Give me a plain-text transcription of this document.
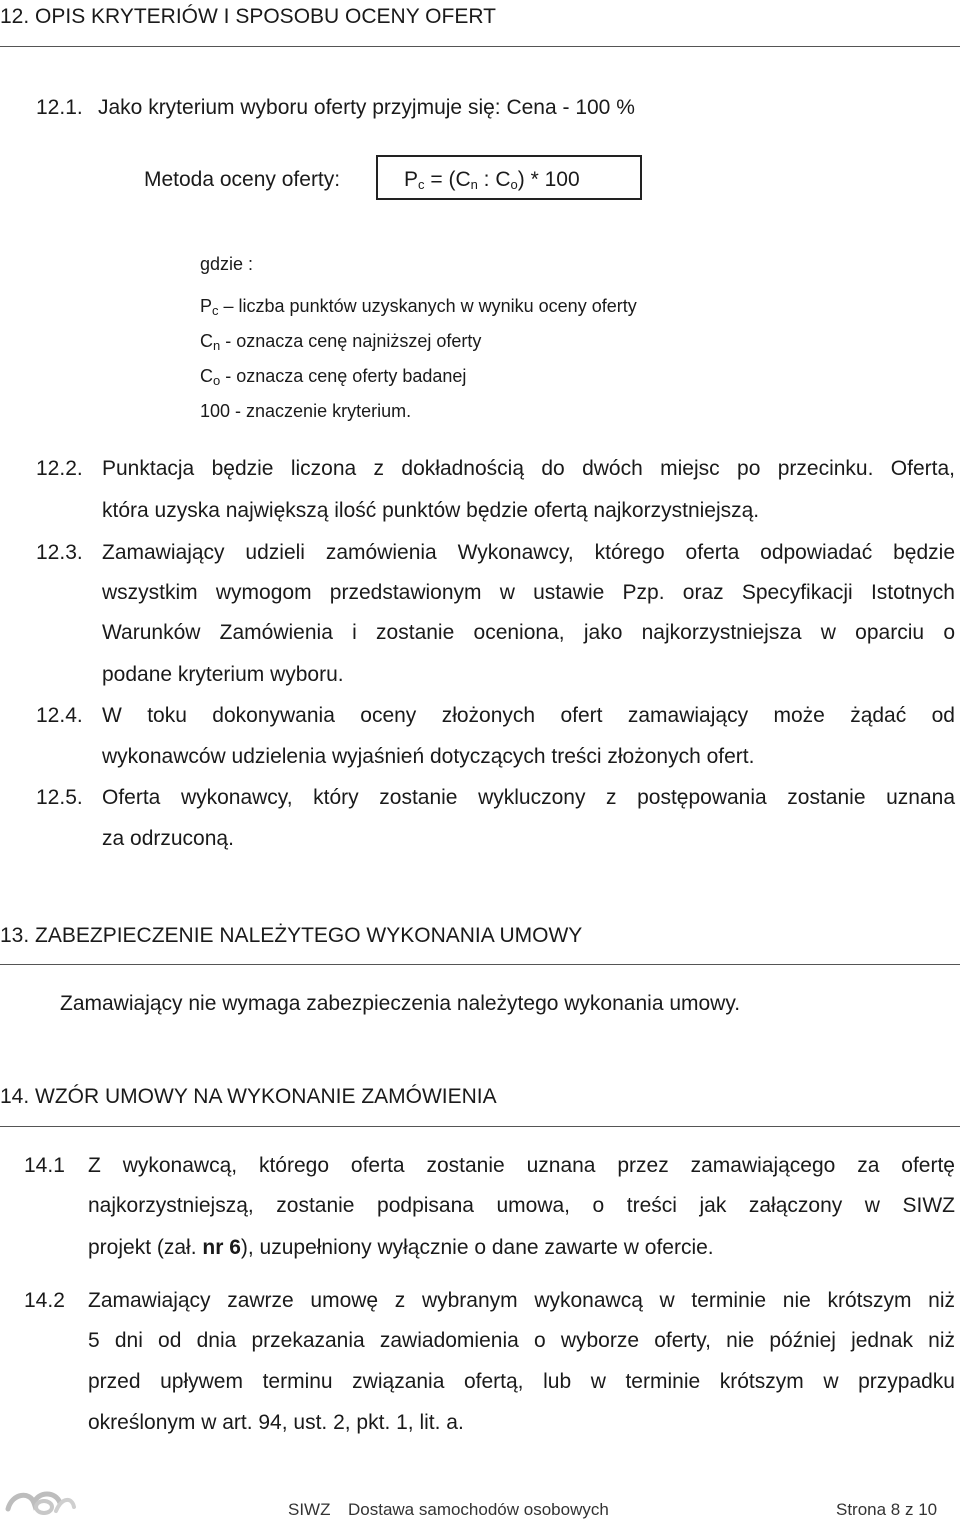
12. OPIS KRYTERIÓW I SPOSOBU OCENY OFERT
12.1. Jako kryterium wyboru oferty przyjmuje się: Cena - 100 %
Metoda oceny oferty:	$P_c = (C_n$ : $C_o) * 100$
gdzie :
$P_c$ – liczba punktów uzyskanych w wyniku oceny oferty
$C_n$ - oznacza cenę najniższej oferty
$C_o$ - oznacza cenę oferty badanej
100 - znaczenie kryterium.
12.2. Punktacja będzie liczona z dokładnością do dwóch miejsc po przecinku. Oferta,
która uzyska największą ilość punktów będzie ofertą najkorzystniejszą.
12.3. Zamawiający udzieli zamówienia Wykonawcy, którego oferta odpowiadać będzie
wszystkim wymogom przedstawionym w ustawie Pzp. oraz Specyfikacji Istotnych
Warunków Zamówienia i zostanie oceniona, jako najkorzystniejsza w oparciu o
podane kryterium wyboru.
12.4. W toku dokonywania oceny złożonych ofert zamawiający może żądać od
wykonawców udzielenia wyjaśnień dotyczących treści złożonych ofert.
12.5. Oferta wykonawcy, który zostanie wykluczony z postępowania zostanie uznana
za odrzuconą.
13. ZABEZPIECZENIE NALEŻYTEGO WYKONANIA UMOWY
Zamawiający nie wymaga zabezpieczenia należytego wykonania umowy.
14. WZÓR UMOWY NA WYKONANIE ZAMÓWIENIA
14.1 Z wykonawcą, którego oferta zostanie uznana przez zamawiającego za ofertę
najkorzystniejszą, zostanie podpisana umowa, o treści jak załączony w SIWZ
projekt (zał. nr 6), uzupełniony wyłącznie o dane zawarte w ofercie.
14.2 Zamawiający zawrze umowę z wybranym wykonawcą w terminie nie krótszym niż
5 dni od dnia przekazania zawiadomienia o wyborze oferty, nie później jednak niż
przed upływem terminu związania ofertą, lub w terminie krótszym w przypadku
określonym w art. 94, ust. 2, pkt. 1, lit. a.
SIWZ Dostawa samochodów osobowych	Strona 8 z 10
